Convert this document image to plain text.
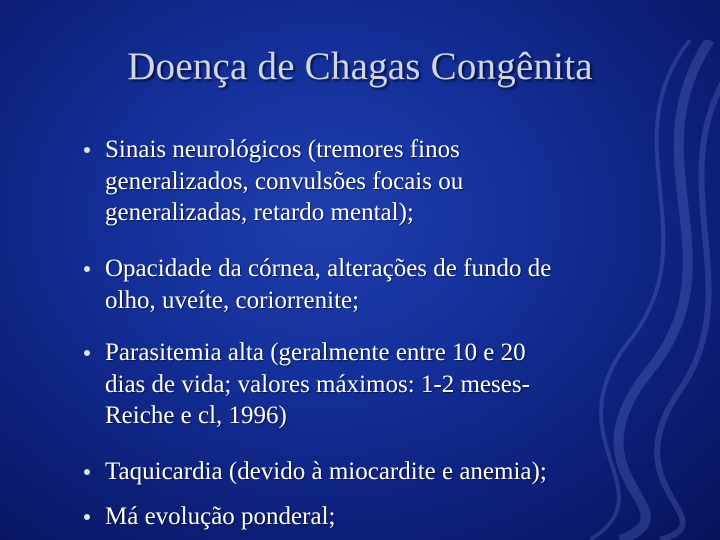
Doença de Chagas Congênita
Sinais neurológicos (tremores finos
generalizados, convulsões focais ou
generalizadas, retardo mental);
Opacidade da córnea, alterações de fundo de
olho, uveíte, coriorrenite;
Parasitemia alta (geralmente entre 10 e 20
dias de vida; valores máximos: 1-2 meses-
Reiche e cl, 1996)
Taquicardia (devido à miocardite e anemia);
Má evolução ponderal;
